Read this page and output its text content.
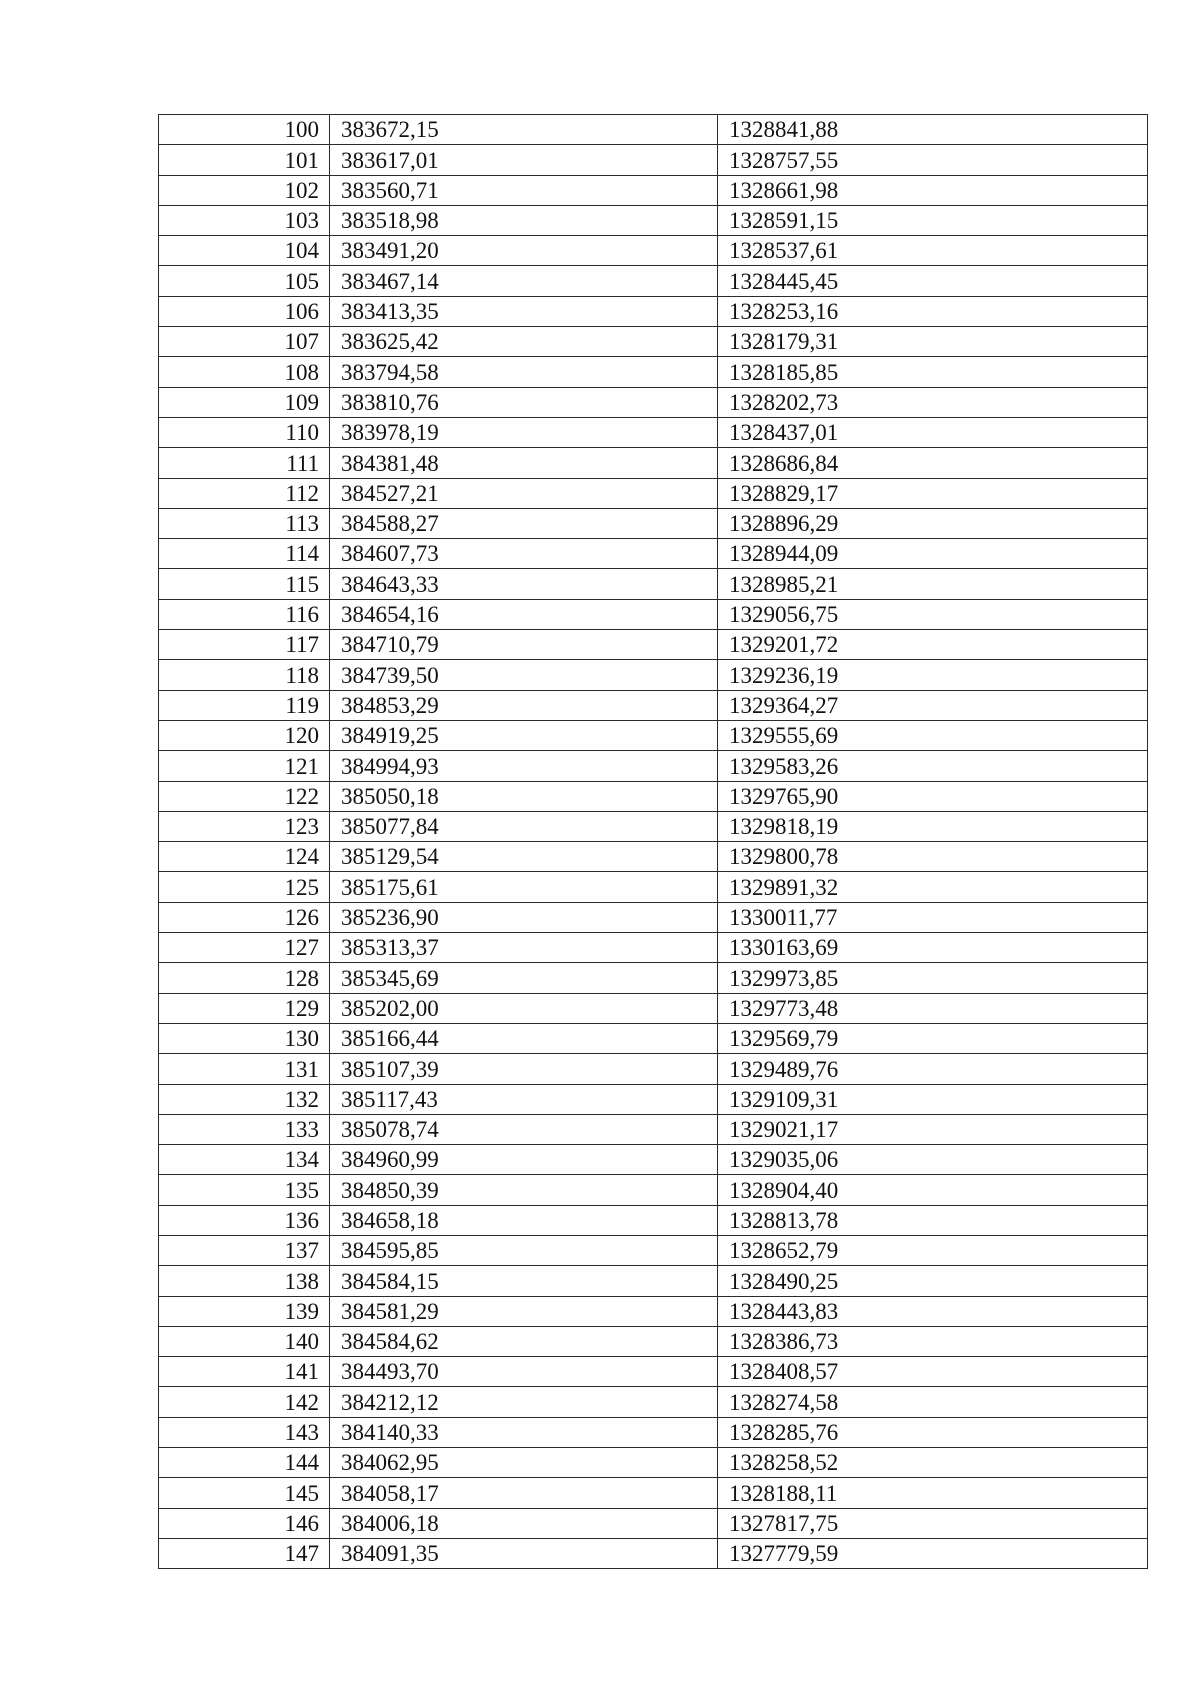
100	383672,15	1328841,88
101	383617,01	1328757,55
102	383560,71	1328661,98
103	383518,98	1328591,15
104	383491,20	1328537,61
105	383467,14	1328445,45
106	383413,35	1328253,16
107	383625,42	1328179,31
108	383794,58	1328185,85
109	383810,76	1328202,73
110	383978,19	1328437,01
111	384381,48	1328686,84
112	384527,21	1328829,17
113	384588,27	1328896,29
114	384607,73	1328944,09
115	384643,33	1328985,21
116	384654,16	1329056,75
117	384710,79	1329201,72
118	384739,50	1329236,19
119	384853,29	1329364,27
120	384919,25	1329555,69
121	384994,93	1329583,26
122	385050,18	1329765,90
123	385077,84	1329818,19
124	385129,54	1329800,78
125	385175,61	1329891,32
126	385236,90	1330011,77
127	385313,37	1330163,69
128	385345,69	1329973,85
129	385202,00	1329773,48
130	385166,44	1329569,79
131	385107,39	1329489,76
132	385117,43	1329109,31
133	385078,74	1329021,17
134	384960,99	1329035,06
135	384850,39	1328904,40
136	384658,18	1328813,78
137	384595,85	1328652,79
138	384584,15	1328490,25
139	384581,29	1328443,83
140	384584,62	1328386,73
141	384493,70	1328408,57
142	384212,12	1328274,58
143	384140,33	1328285,76
144	384062,95	1328258,52
145	384058,17	1328188,11
146	384006,18	1327817,75
147	384091,35	1327779,59
